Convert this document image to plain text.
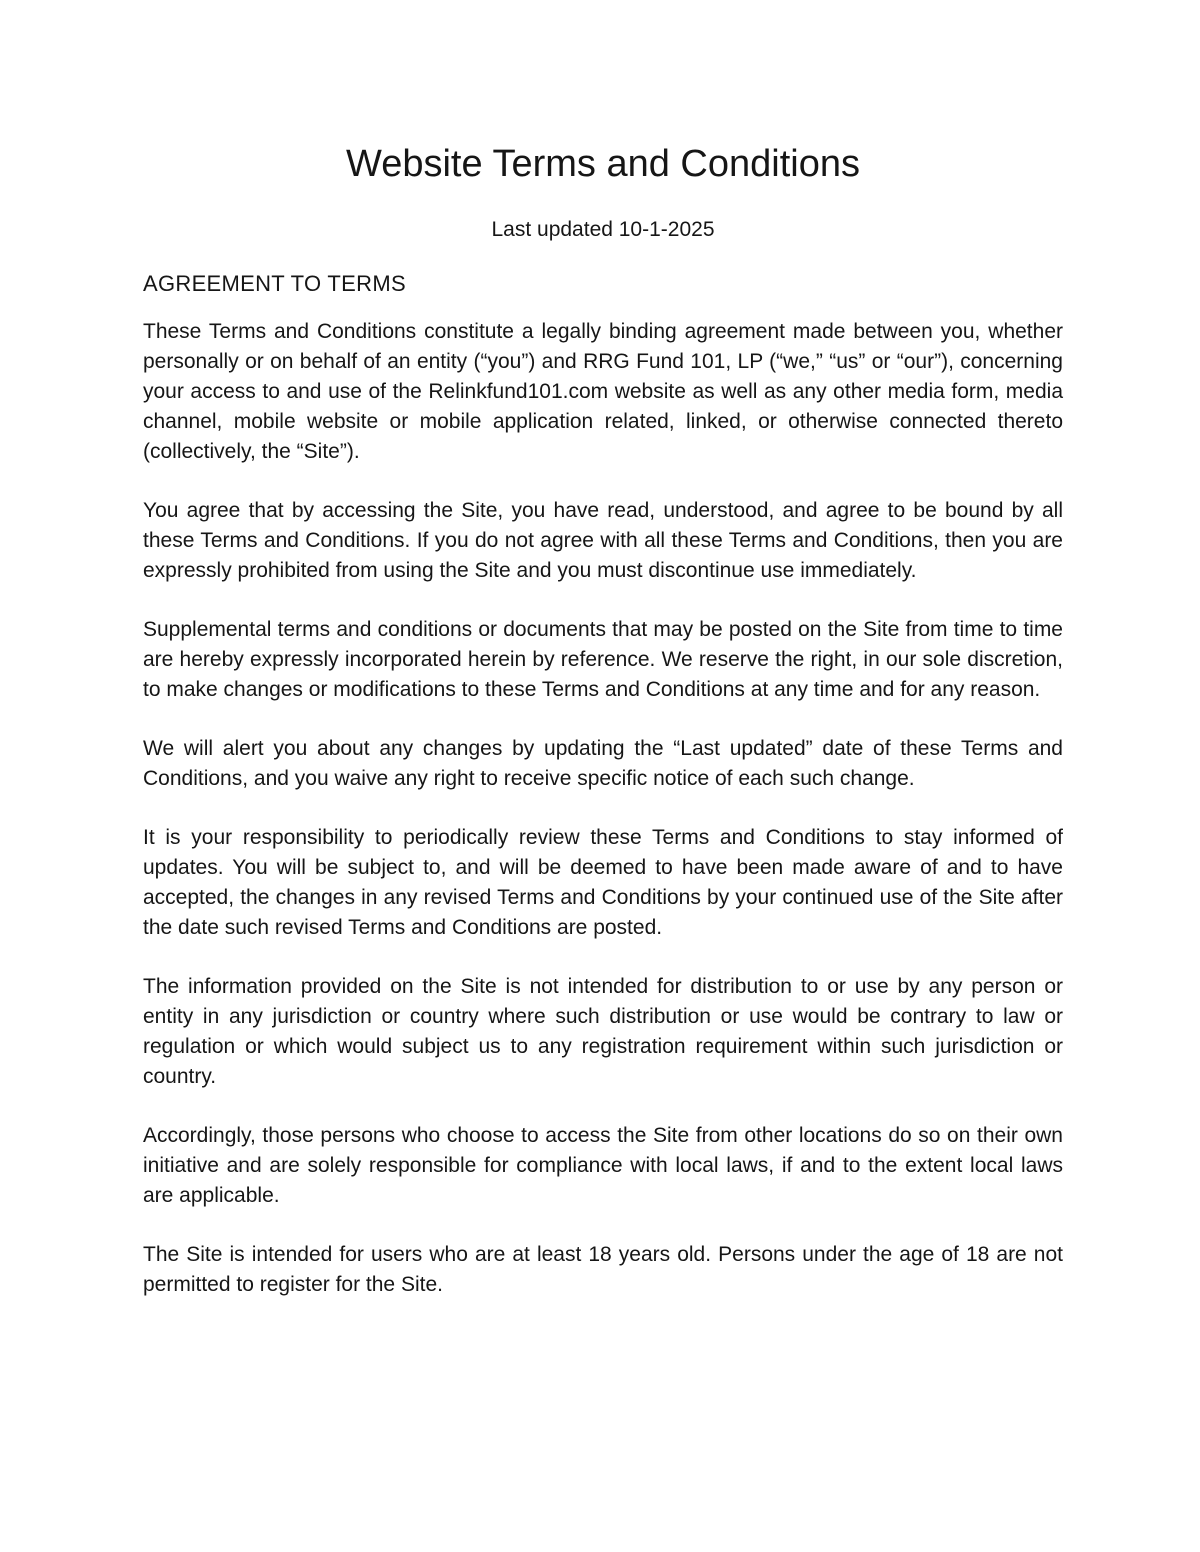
Website Terms and Conditions

Last updated 10-1-2025

AGREEMENT TO TERMS

These Terms and Conditions constitute a legally binding agreement made between you, whether personally or on behalf of an entity (“you”) and RRG Fund 101, LP (“we,” “us” or “our”), concerning your access to and use of the Relinkfund101.com website as well as any other media form, media channel, mobile website or mobile application related, linked, or otherwise connected thereto (collectively, the “Site”).

You agree that by accessing the Site, you have read, understood, and agree to be bound by all these Terms and Conditions. If you do not agree with all these Terms and Conditions, then you are expressly prohibited from using the Site and you must discontinue use immediately.

Supplemental terms and conditions or documents that may be posted on the Site from time to time are hereby expressly incorporated herein by reference. We reserve the right, in our sole discretion, to make changes or modifications to these Terms and Conditions at any time and for any reason.

We will alert you about any changes by updating the “Last updated” date of these Terms and Conditions, and you waive any right to receive specific notice of each such change.

It is your responsibility to periodically review these Terms and Conditions to stay informed of updates. You will be subject to, and will be deemed to have been made aware of and to have accepted, the changes in any revised Terms and Conditions by your continued use of the Site after the date such revised Terms and Conditions are posted.

The information provided on the Site is not intended for distribution to or use by any person or entity in any jurisdiction or country where such distribution or use would be contrary to law or regulation or which would subject us to any registration requirement within such jurisdiction or country.

Accordingly, those persons who choose to access the Site from other locations do so on their own initiative and are solely responsible for compliance with local laws, if and to the extent local laws are applicable.

The Site is intended for users who are at least 18 years old. Persons under the age of 18 are not permitted to register for the Site.
